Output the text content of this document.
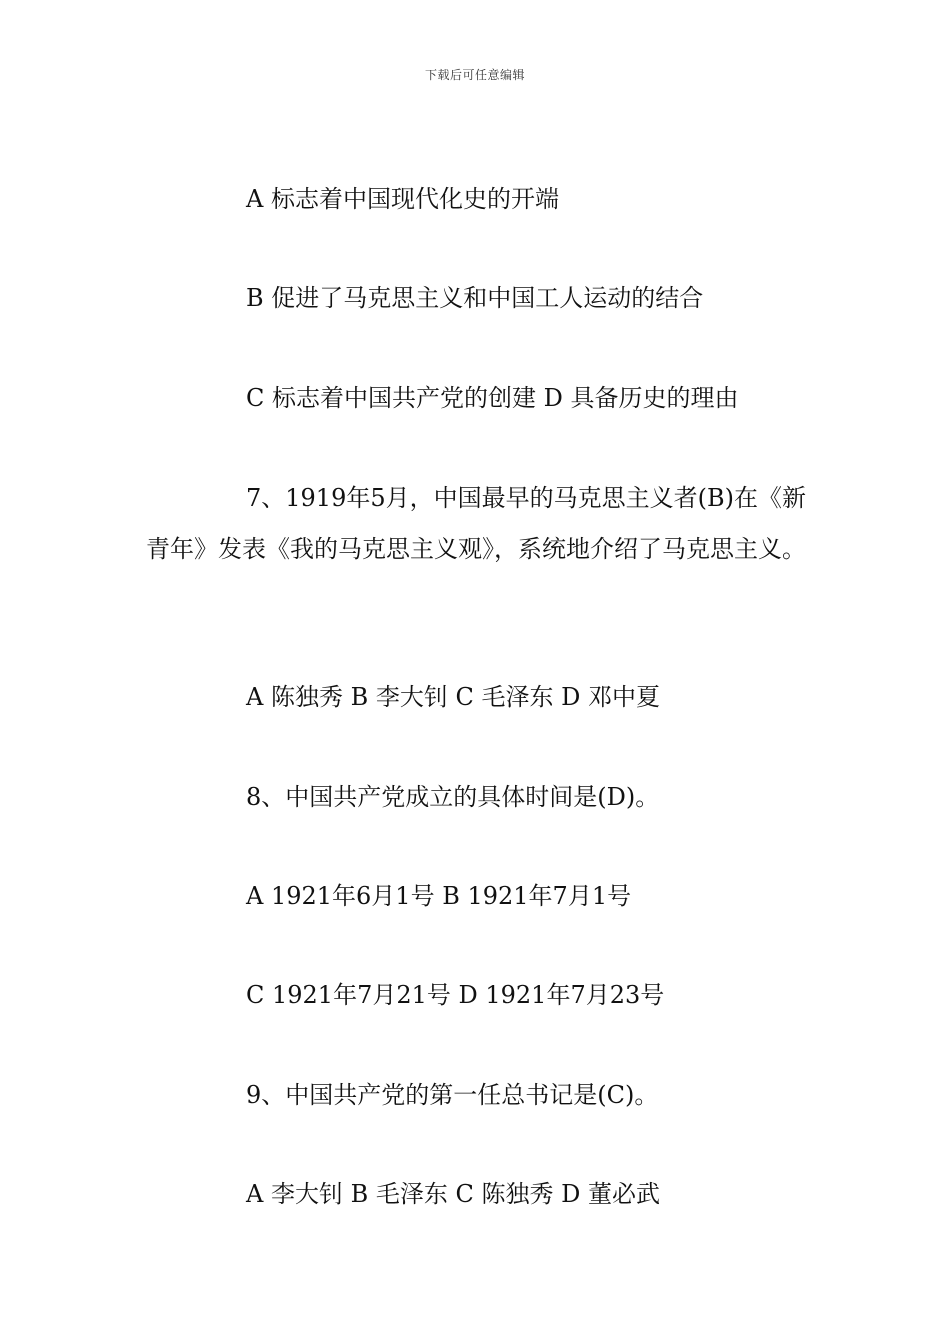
下载后可任意编辑
A 标志着中国现代化史的开端
B 促进了马克思主义和中国工人运动的结合
C 标志着中国共产党的创建 D 具备历史的理由
7、1919年5月，中国最早的马克思主义者(B)在《新青年》发表《我的马克思主义观》，系统地介绍了马克思主义。
A 陈独秀 B 李大钊 C 毛泽东 D 邓中夏
8、中国共产党成立的具体时间是(D)。
A 1921年6月1号 B 1921年7月1号
C 1921年7月21号 D 1921年7月23号
9、中国共产党的第一任总书记是(C)。
A 李大钊 B 毛泽东 C 陈独秀 D 董必武
